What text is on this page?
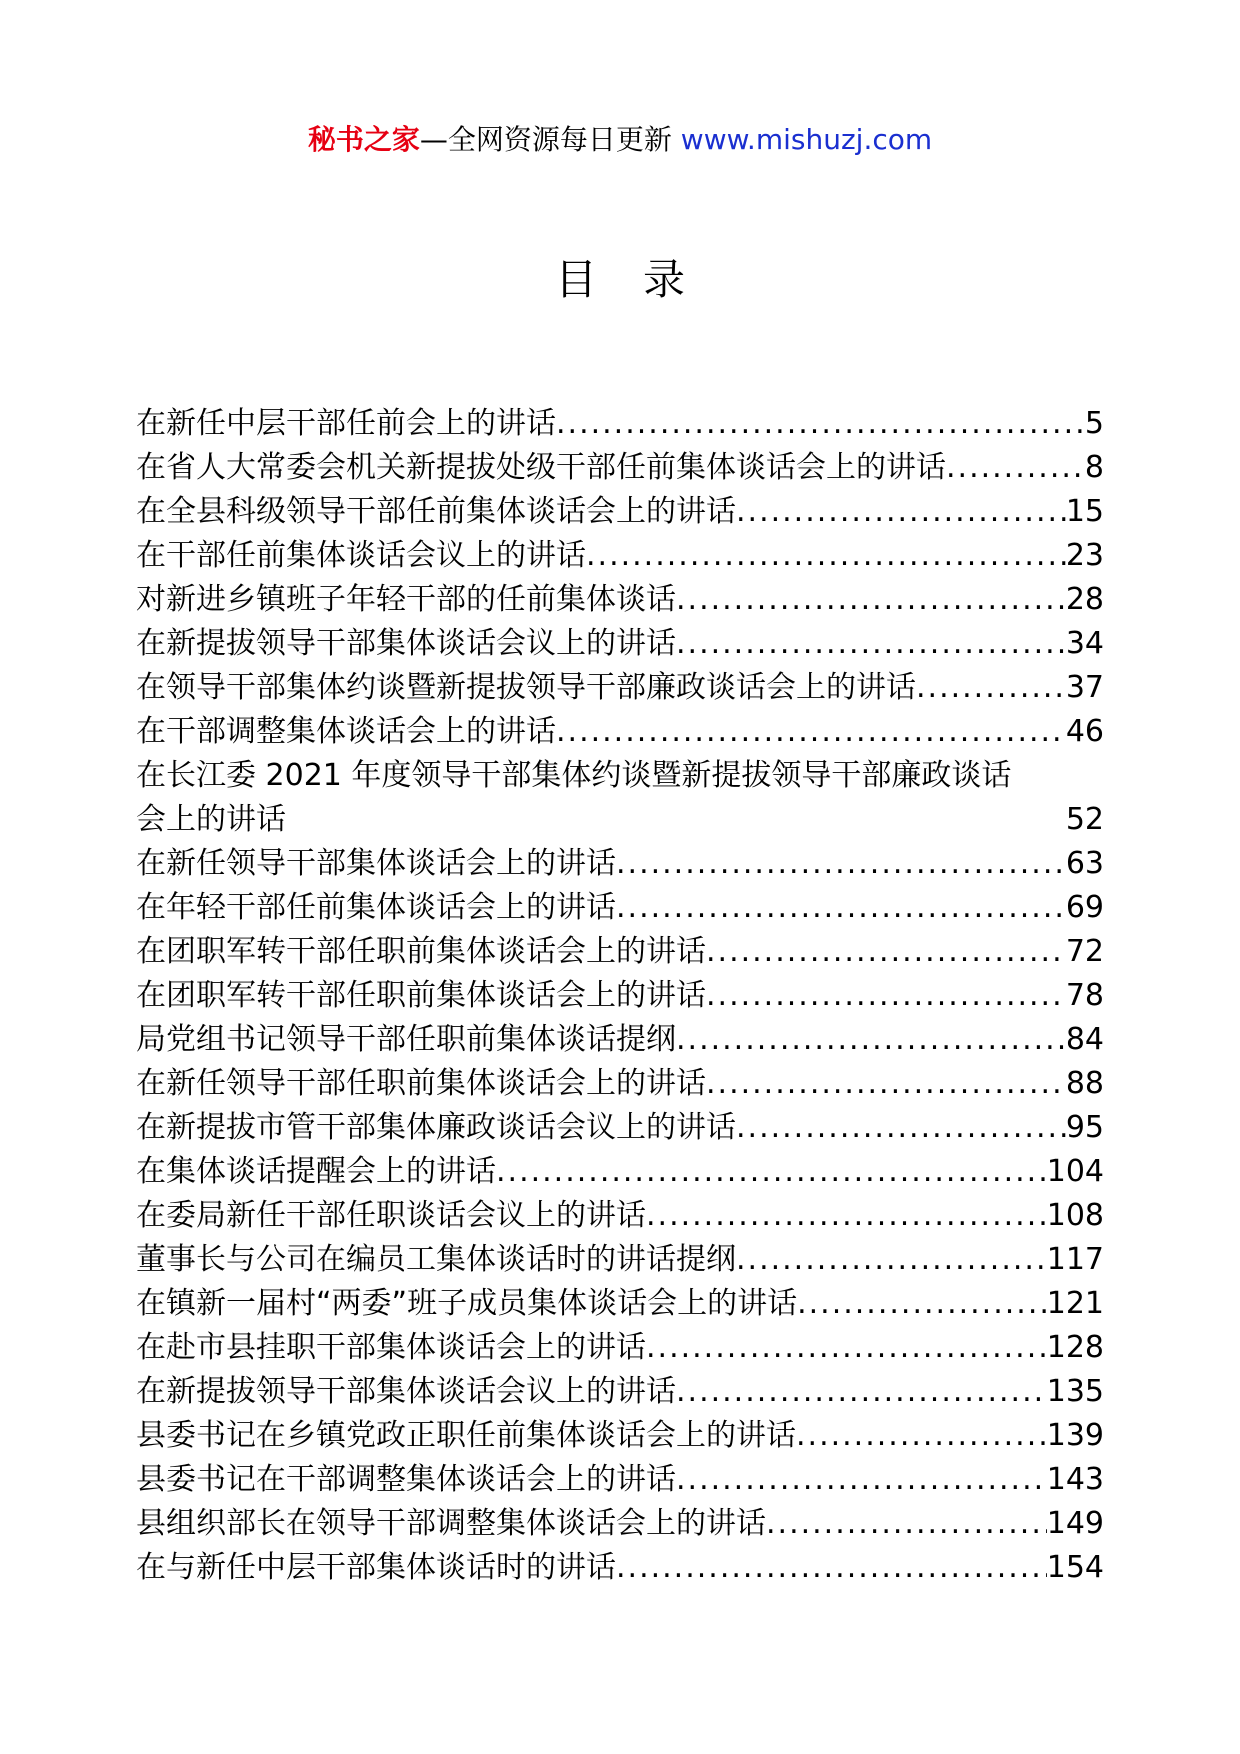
秘书之家—全网资源每日更新 www.mishuzj.com
目录
在新任中层干部任前会上的讲话 .....	5
在省人大常委会机关新提拔处级干部任前集体谈话会上的讲话 .....	8
在全县科级领导干部任前集体谈话会上的讲话 .....	15
在干部任前集体谈话会议上的讲话 .....	23
对新进乡镇班子年轻干部的任前集体谈话 .....	28
在新提拔领导干部集体谈话会议上的讲话 .....	34
在领导干部集体约谈暨新提拔领导干部廉政谈话会上的讲话 .....	37
在干部调整集体谈话会上的讲话 .....	46
在长江委 2021 年度领导干部集体约谈暨新提拔领导干部廉政谈话
会上的讲话	52
在新任领导干部集体谈话会上的讲话 .....	63
在年轻干部任前集体谈话会上的讲话 .....	69
在团职军转干部任职前集体谈话会上的讲话 .....	72
在团职军转干部任职前集体谈话会上的讲话 .....	78
局党组书记领导干部任职前集体谈话提纲 .....	84
在新任领导干部任职前集体谈话会上的讲话 .....	88
在新提拔市管干部集体廉政谈话会议上的讲话 .....	95
在集体谈话提醒会上的讲话 .....	104
在委局新任干部任职谈话会议上的讲话 .....	108
董事长与公司在编员工集体谈话时的讲话提纲 .....	117
在镇新一届村“两委”班子成员集体谈话会上的讲话 .....	121
在赴市县挂职干部集体谈话会上的讲话 .....	128
在新提拔领导干部集体谈话会议上的讲话 .....	135
县委书记在乡镇党政正职任前集体谈话会上的讲话 .....	139
县委书记在干部调整集体谈话会上的讲话 .....	143
县组织部长在领导干部调整集体谈话会上的讲话 .....	149
在与新任中层干部集体谈话时的讲话 .....	154
